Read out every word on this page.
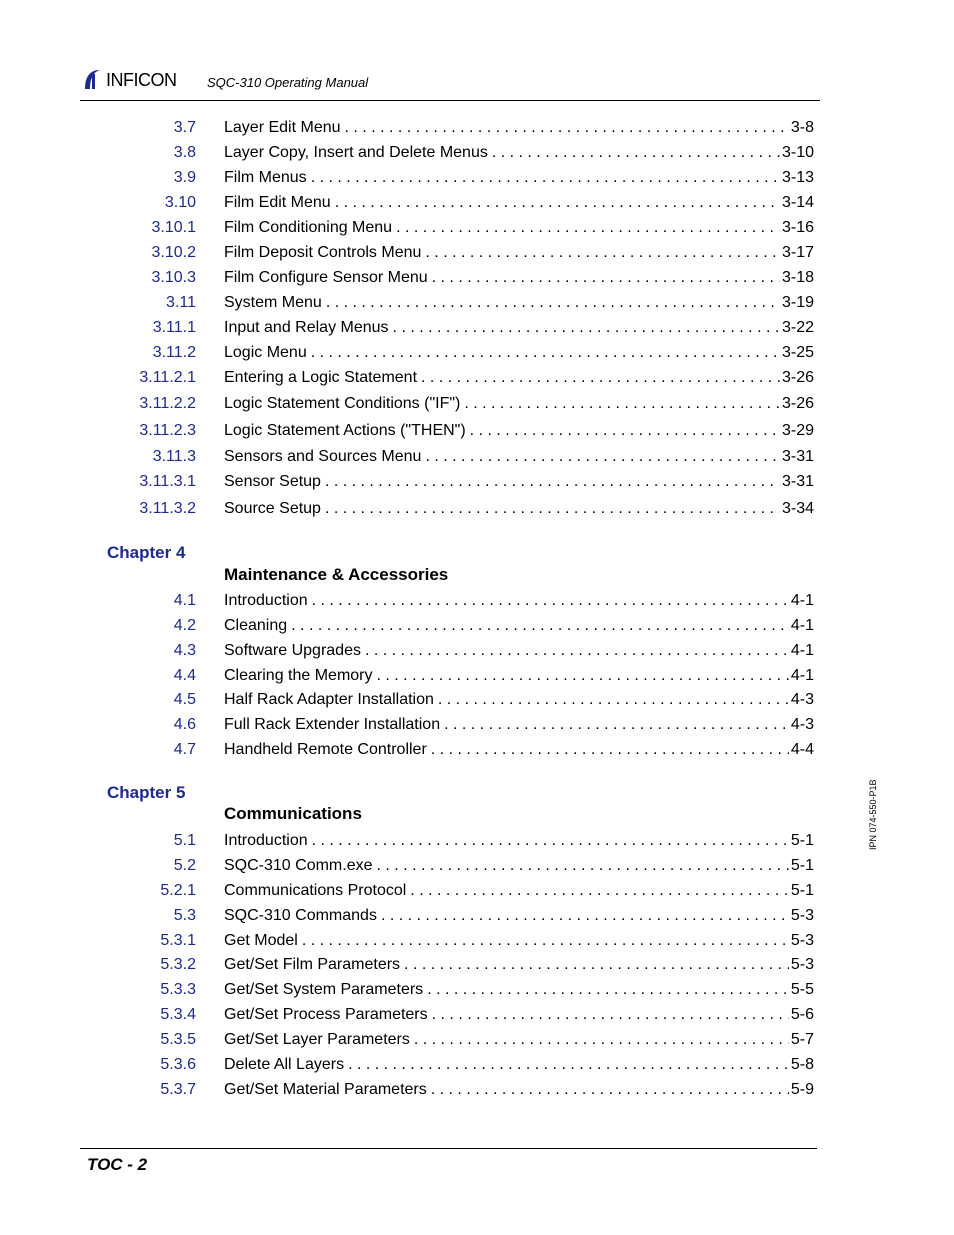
INFICON SQC-310 Operating Manual
3.7 Layer Edit Menu . . .	3-8
3.8 Layer Copy, Insert and Delete Menus . . .	3-10
3.9 Film Menus . . .	3-13
3.10 Film Edit Menu . . .	3-14
3.10.1 Film Conditioning Menu . . .	3-16
3.10.2 Film Deposit Controls Menu . . .	3-17
3.10.3 Film Configure Sensor Menu . . .	3-18
3.11 System Menu . . .	3-19
3.11.1 Input and Relay Menus . . .	3-22
3.11.2 Logic Menu . . .	3-25
3.11.2.1 Entering a Logic Statement . . .	3-26
3.11.2.2 Logic Statement Conditions ("IF") . . .	3-26
3.11.2.3 Logic Statement Actions ("THEN") . . .	3-29
3.11.3 Sensors and Sources Menu . . .	3-31
3.11.3.1 Sensor Setup . . .	3-31
3.11.3.2 Source Setup . . .	3-34
Chapter 4
Maintenance & Accessories
4.1 Introduction . . .	4-1
4.2 Cleaning . . .	4-1
4.3 Software Upgrades . . .	4-1
4.4 Clearing the Memory . . .	4-1
4.5 Half Rack Adapter Installation . . .	4-3
4.6 Full Rack Extender Installation . . .	4-3
4.7 Handheld Remote Controller . . .	4-4
Chapter 5
Communications
5.1 Introduction . . .	5-1
5.2 SQC-310 Comm.exe . . .	5-1
5.2.1 Communications Protocol . . .	5-1
5.3 SQC-310 Commands . . .	5-3
5.3.1 Get Model . . .	5-3
5.3.2 Get/Set Film Parameters . . .	5-3
5.3.3 Get/Set System Parameters . . .	5-5
5.3.4 Get/Set Process Parameters . . .	5-6
5.3.5 Get/Set Layer Parameters . . .	5-7
5.3.6 Delete All Layers . . .	5-8
5.3.7 Get/Set Material Parameters . . .	5-9
IPN 074-550-P1B
TOC - 2
